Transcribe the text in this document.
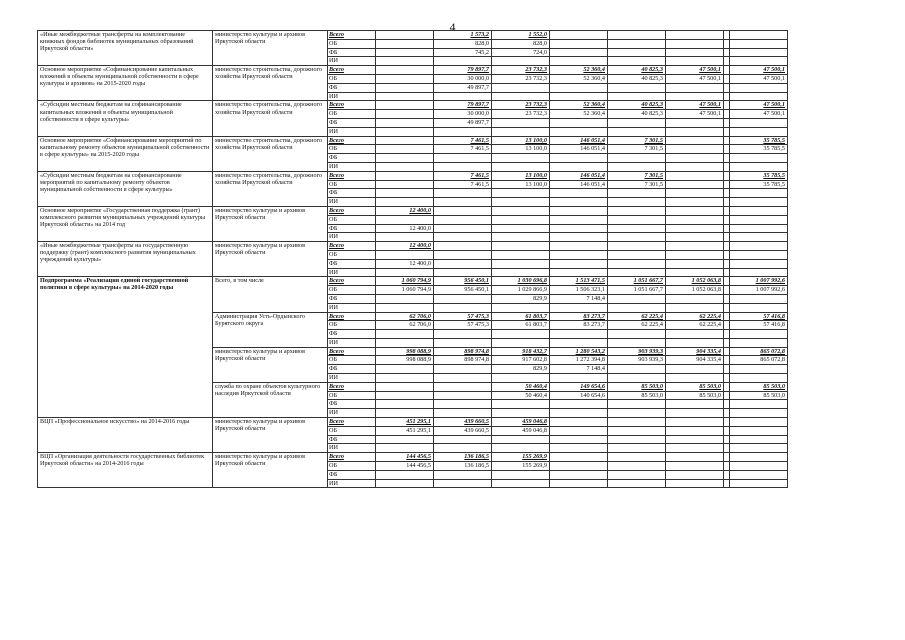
4
«Иные межбюджетные трансферты на комплектование книжных фондов библиотек муниципальных образований Иркутской области»	министерство культуры и архивов Иркутской области	Всего		1 573,2	1 552,0					
		ОБ		828,0	828,0					
		ФБ		745,2	724,0					
		ИИ								
Основное мероприятие «Софинансирование капитальных вложений в объекты муниципальной собственности в сфере культуры и архивов» на 2015-2020 годы	министерство строительства, дорожного хозяйства Иркутской области	Всего		79 897,7	23 732,3	52 360,4	40 825,3	47 500,1		47 500,1
		ОБ		30 000,0	23 732,3	52 360,4	40 825,3	47 500,1		47 500,1
		ФБ		49 897,7						
		ИИ								
«Субсидии местным бюджетам на софинансирование капитальных вложений в объекты муниципальной собственности в сфере культуры»	министерство строительства, дорожного хозяйства Иркутской области	Всего		79 897,7	23 732,3	52 360,4	40 825,3	47 500,1		47 500,1
		ОБ		30 000,0	23 732,3	52 360,4	40 825,3	47 500,1		47 500,1
		ФБ		49 897,7						
		ИИ								
Основное мероприятие «Софинансирование мероприятий по капитальному ремонту объектов муниципальной собственности в сфере культуры» на 2015-2020 годы	министерство строительства, дорожного хозяйства Иркутской области	Всего		7 461,5	13 100,0	146 051,4	7 301,5			35 785,5
		ОБ		7 461,5	13 100,0	146 051,4	7 301,5			35 785,5
		ФБ								
		ИИ								
«Субсидии местным бюджетам на софинансирование мероприятий по капитальному ремонту объектов муниципальной собственности в сфере культуры»	министерство строительства, дорожного хозяйства Иркутской области	Всего		7 461,5	13 100,0	146 051,4	7 301,5			35 785,5
		ОБ		7 461,5	13 100,0	146 051,4	7 301,5			35 785,5
		ФБ								
		ИИ								
Основное мероприятие «Государственная поддержка (грант) комплексного развития муниципальных учреждений культуры Иркутской области» на 2014 год	министерство культуры и архивов Иркутской области	Всего	12 400,0							
		ОБ								
		ФБ	12 400,0							
		ИИ								
«Иные межбюджетные трансферты на государственную поддержку (грант) комплексного развития муниципальных учреждений культуры»	министерство культуры и архивов Иркутской области	Всего	12 400,0							
		ОБ								
		ФБ	12 400,0							
		ИИ								
Подпрограмма «Реализация единой государственной политики в сфере культуры» на 2014-2020 годы	Всего, в том числе	Всего	1 060 794,9	956 450,1	1 030 696,8	1 513 471,5	1 051 667,7	1 052 063,8		1 007 992,6
		ОБ	1 060 794,9	956 450,1	1 029 866,9	1 506 323,1	1 051 667,7	1 052 063,8		1 007 992,6
		ФБ			829,9	7 148,4				
		ИИ								
	Администрация Усть-Ордынского Бурятского округа	Всего	62 706,0	57 475,3	61 803,7	83 273,7	62 225,4	62 225,4		57 416,8
		ОБ	62 706,0	57 475,3	61 803,7	83 273,7	62 225,4	62 225,4		57 416,8
		ФБ								
		ИИ								
	министерство культуры и архивов Иркутской области	Всего	998 088,9	898 974,8	918 432,7	1 280 543,2	903 939,3	904 335,4		865 072,8
		ОБ	998 088,9	898 974,8	917 602,8	1 272 394,8	903 939,3	904 335,4		865 072,8
		ФБ			829,9	7 148,4				
		ИИ								
	служба по охране объектов культурного наследия Иркутской области	Всего			50 460,4	149 654,6	85 503,0	85 503,0		85 503,0
		ОБ			50 460,4	140 654,6	85 503,0	85 503,0		85 503,0
		ФБ								
		ИИ								
ВЦП «Профессиональное искусство» на 2014-2016 годы	министерство культуры и архивов Иркутской области	Всего	451 295,1	439 660,5	459 046,8					
		ОБ	451 295,1	439 660,5	459 046,8					
		ФБ								
		ИИ								
ВЦП «Организация деятельности государственных библиотек Иркутской области» на 2014-2016 годы	министерство культуры и архивов Иркутской области	Всего	144 456,5	136 186,5	155 269,9					
		ОБ	144 456,5	136 186,5	155 269,9					
		ФБ								
		ИИ								
